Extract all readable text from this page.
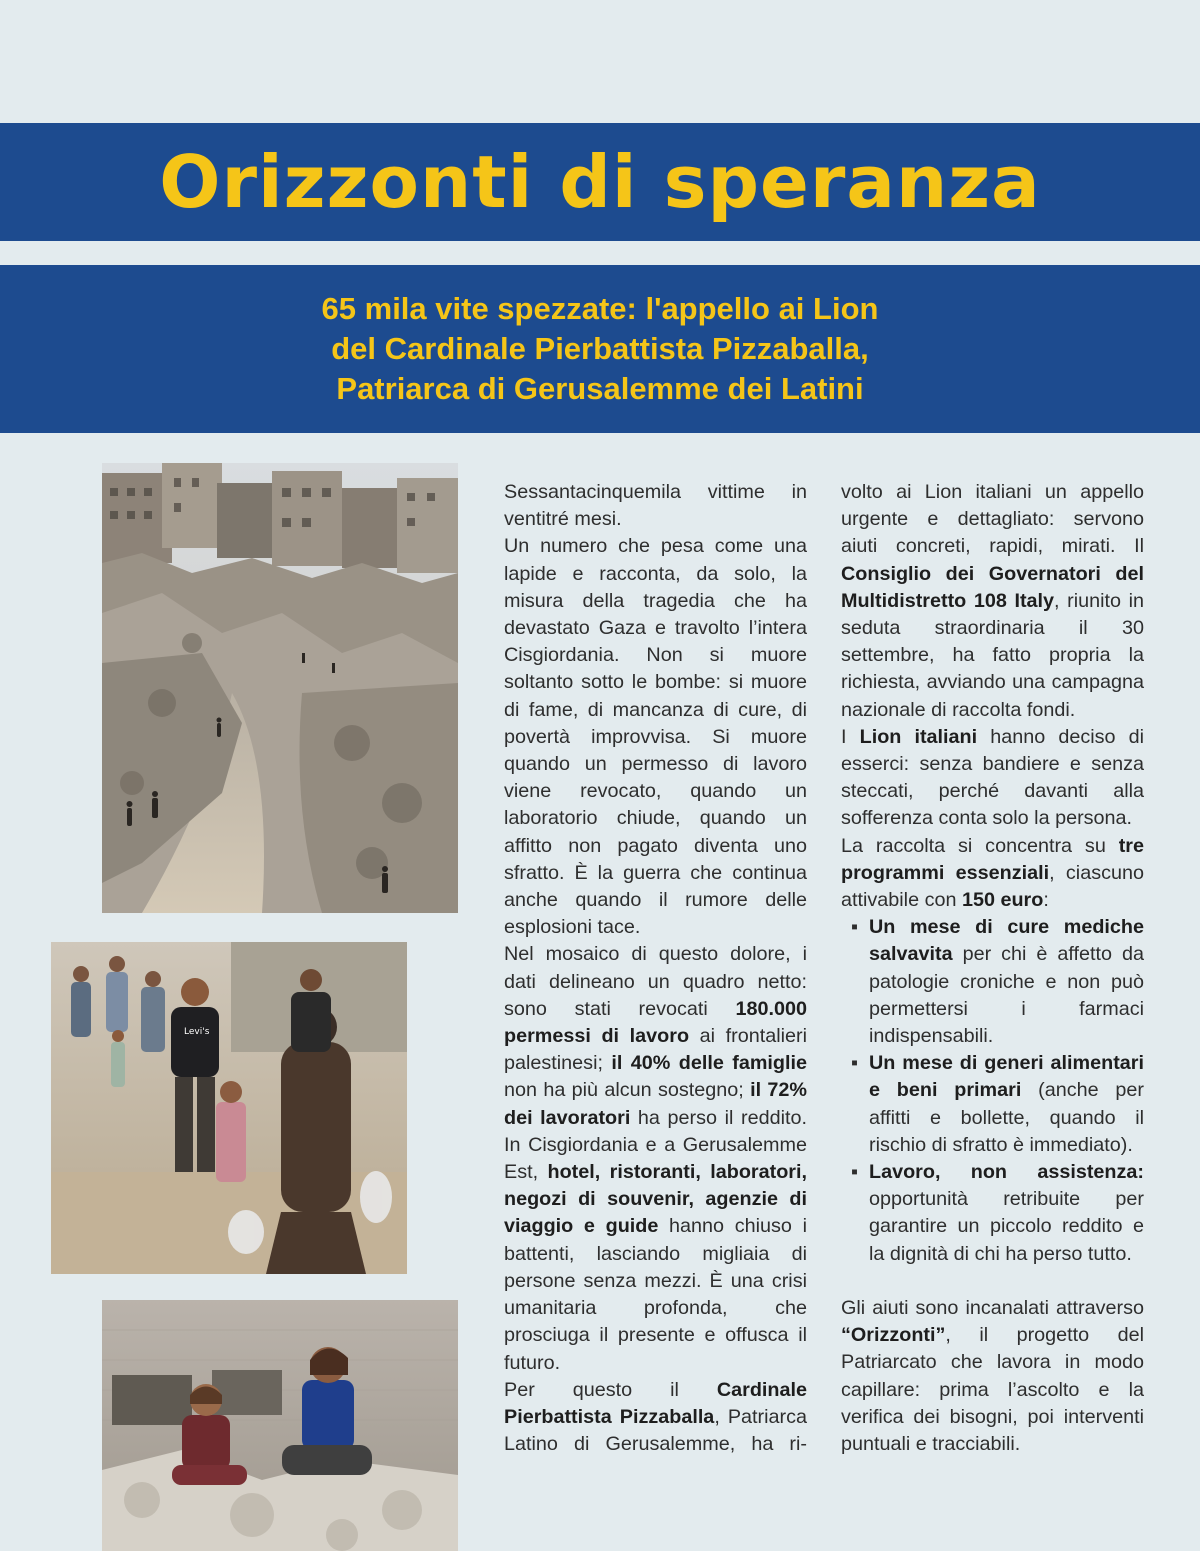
Orizzonti di speranza
65 mila vite spezzate: l'appello ai Lion
del Cardinale Pierbattista Pizzaballa,
Patriarca di Gerusalemme dei Latini
Levi's

Sessantacinquemila vittime in ventitré mesi.

Un numero che pesa come una lapide e racconta, da solo, la misura della tragedia che ha devastato Gaza e travolto l’intera Cisgiordania. Non si muore soltanto sotto le bombe: si muore di fame, di mancanza di cure, di povertà improvvisa. Si muore quando un permesso di lavoro viene revocato, quando un laboratorio chiude, quando un affitto non pagato diventa uno sfratto. È la guerra che continua anche quando il rumore delle esplosioni tace.

Nel mosaico di questo dolore, i dati delineano un quadro netto: sono stati revocati 180.000 permessi di lavoro ai frontalieri palestinesi; il 40% delle famiglie non ha più alcun sostegno; il 72% dei lavoratori ha perso il reddito. In Cisgiordania e a Gerusalemme Est, hotel, ristoranti, laboratori, negozi di souvenir, agenzie di viaggio e guide hanno chiuso i battenti, lasciando migliaia di persone senza mezzi. È una crisi umanitaria profonda, che prosciuga il presente e offusca il futuro.

Per questo il Cardinale Pierbattista Pizzaballa, Patriarca Latino di Gerusalemme, ha ri-

volto ai Lion italiani un appello urgente e dettagliato: servono aiuti concreti, rapidi, mirati. Il Consiglio dei Governatori del Multidistretto 108 Italy, riunito in seduta straordinaria il 30 settembre, ha fatto propria la richiesta, avviando una campagna nazionale di raccolta fondi.

I Lion italiani hanno deciso di esserci: senza bandiere e senza steccati, perché davanti alla sofferenza conta solo la persona.

La raccolta si concentra su tre programmi essenziali, ciascuno attivabile con 150 euro:

▪ Un mese di cure mediche salvavita per chi è affetto da patologie croniche e non può permettersi i farmaci indispensabili.
▪ Un mese di generi alimentari e beni primari (anche per affitti e bollette, quando il rischio di sfratto è immediato).
▪ Lavoro, non assistenza: opportunità retribuite per garantire un piccolo reddito e la dignità di chi ha perso tutto.

Gli aiuti sono incanalati attraverso “Orizzonti”, il progetto del Patriarcato che lavora in modo capillare: prima l’ascolto e la verifica dei bisogni, poi interventi puntuali e tracciabili.
